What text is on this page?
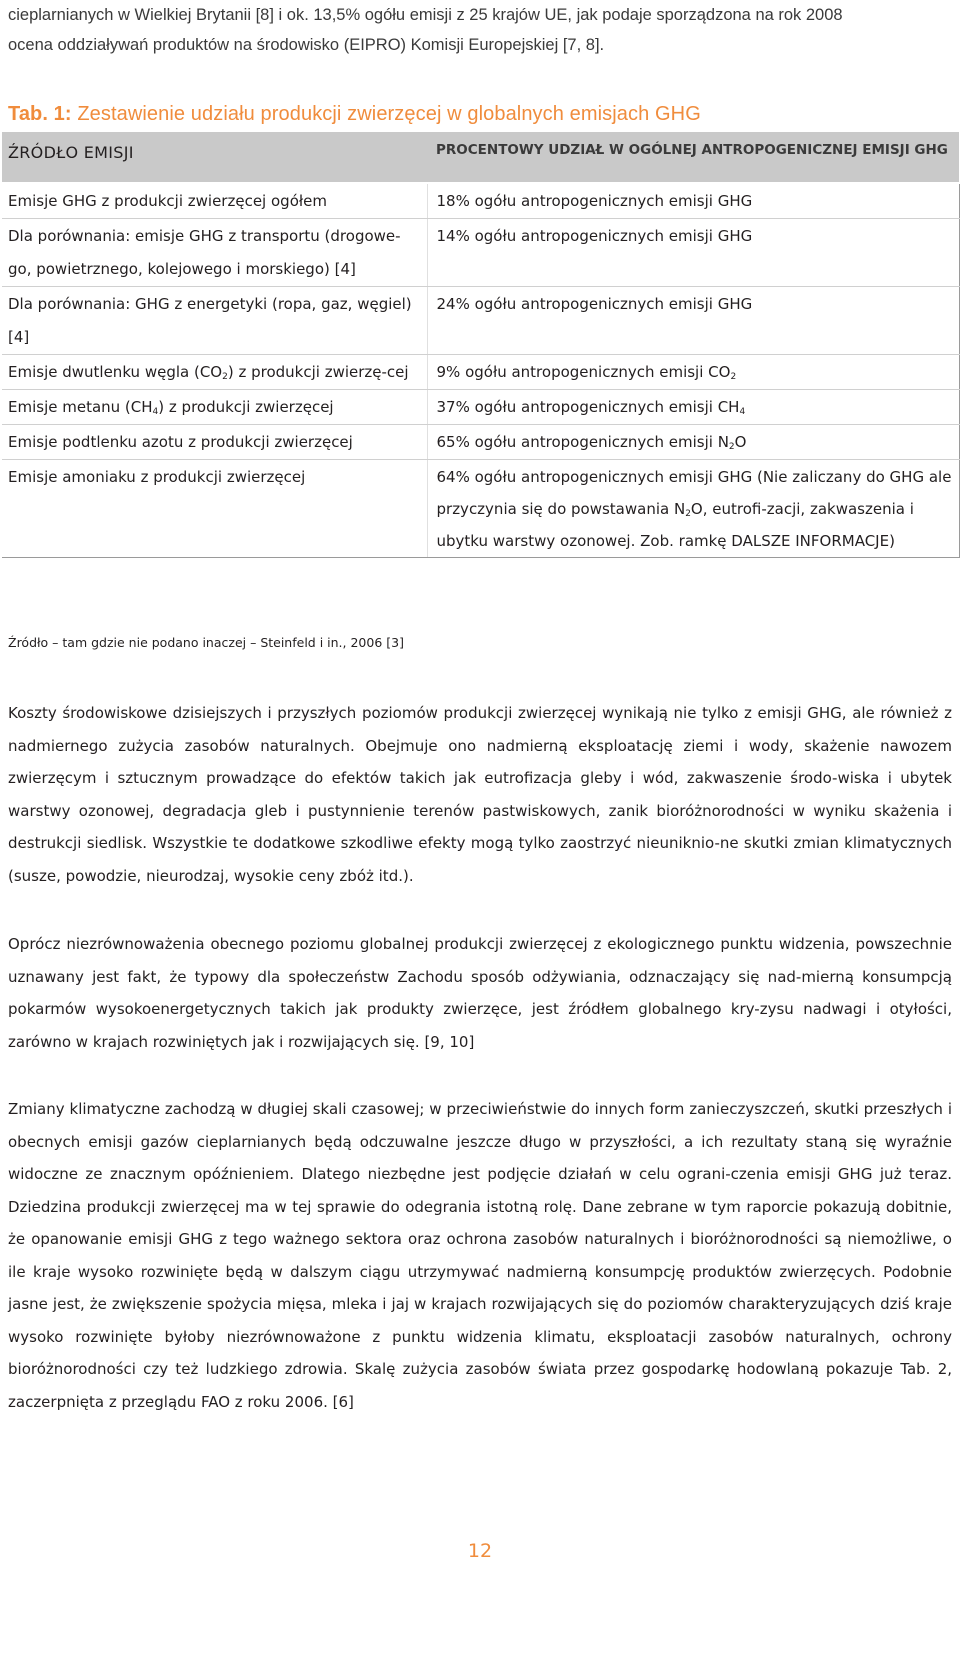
cieplarnianych w Wielkiej Brytanii [8] i ok. 13,5% ogółu emisji z 25 krajów UE, jak podaje sporządzona na rok 2008
ocena oddziaływań produktów na środowisko (EIPRO) Komisji Europejskiej [7, 8].
Tab. 1: Zestawienie udziału produkcji zwierzęcej w globalnych emisjach GHG
ŹRÓDŁO EMISJI	PROCENTOWY UDZIAŁ W OGÓLNEJ ANTROPOGENICZNEJ EMISJI GHG
Emisje GHG z produkcji zwierzęcej ogółem	18% ogółu antropogenicznych emisji GHG
Dla porównania: emisje GHG z transportu (drogowe-go, powietrznego, kolejowego i morskiego) [4]	14% ogółu antropogenicznych emisji GHG
Dla porównania: GHG z energetyki (ropa, gaz, węgiel) [4]	24% ogółu antropogenicznych emisji GHG
Emisje dwutlenku węgla $(CO_2)$ z produkcji zwierzę-cej	9% ogółu antropogenicznych emisji $CO_2$
Emisje metanu $(CH_4)$ z produkcji zwierzęcej	37% ogółu antropogenicznych emisji $CH_4$
Emisje podtlenku azotu z produkcji zwierzęcej	65% ogółu antropogenicznych emisji $N_2O$
Emisje amoniaku z produkcji zwierzęcej	64% ogółu antropogenicznych emisji GHG (Nie zaliczany do GHG ale przyczynia się do powstawania $N_2O$, eutrofi-zacji, zakwaszenia i ubytku warstwy ozonowej. Zob. ramkę DALSZE INFORMACJE)
Źródło – tam gdzie nie podano inaczej – Steinfeld i in., 2006 [3]
Koszty środowiskowe dzisiejszych i przyszłych poziomów produkcji zwierzęcej wynikają nie tylko z emisji GHG, ale również z nadmiernego zużycia zasobów naturalnych. Obejmuje ono nadmierną eksploatację ziemi i wody, skażenie nawozem zwierzęcym i sztucznym prowadzące do efektów takich jak eutrofizacja gleby i wód, zakwaszenie środo-wiska i ubytek warstwy ozonowej, degradacja gleb i pustynnienie terenów pastwiskowych, zanik bioróżnorodności w wyniku skażenia i destrukcji siedlisk. Wszystkie te dodatkowe szkodliwe efekty mogą tylko zaostrzyć nieuniknio-ne skutki zmian klimatycznych (susze, powodzie, nieurodzaj, wysokie ceny zbóż itd.).
Oprócz niezrównoważenia obecnego poziomu globalnej produkcji zwierzęcej z ekologicznego punktu widzenia, powszechnie uznawany jest fakt, że typowy dla społeczeństw Zachodu sposób odżywiania, odznaczający się nad-mierną konsumpcją pokarmów wysokoenergetycznych takich jak produkty zwierzęce, jest źródłem globalnego kry-zysu nadwagi i otyłości, zarówno w krajach rozwiniętych jak i rozwijających się. [9, 10]
Zmiany klimatyczne zachodzą w długiej skali czasowej; w przeciwieństwie do innych form zanieczyszczeń, skutki przeszłych i obecnych emisji gazów cieplarnianych będą odczuwalne jeszcze długo w przyszłości, a ich rezultaty staną się wyraźnie widoczne ze znacznym opóźnieniem. Dlatego niezbędne jest podjęcie działań w celu ograni-czenia emisji GHG już teraz. Dziedzina produkcji zwierzęcej ma w tej sprawie do odegrania istotną rolę. Dane zebrane w tym raporcie pokazują dobitnie, że opanowanie emisji GHG z tego ważnego sektora oraz ochrona zasobów naturalnych i bioróżnorodności są niemożliwe, o ile kraje wysoko rozwinięte będą w dalszym ciągu utrzymywać nadmierną konsumpcję produktów zwierzęcych. Podobnie jasne jest, że zwiększenie spożycia mięsa, mleka i jaj w krajach rozwijających się do poziomów charakteryzujących dziś kraje wysoko rozwinięte byłoby niezrównoważone z punktu widzenia klimatu, eksploatacji zasobów naturalnych, ochrony bioróżnorodności czy też ludzkiego zdrowia. Skalę zużycia zasobów świata przez gospodarkę hodowlaną pokazuje Tab. 2, zaczerpnięta z przeglądu FAO z roku 2006. [6]
12
